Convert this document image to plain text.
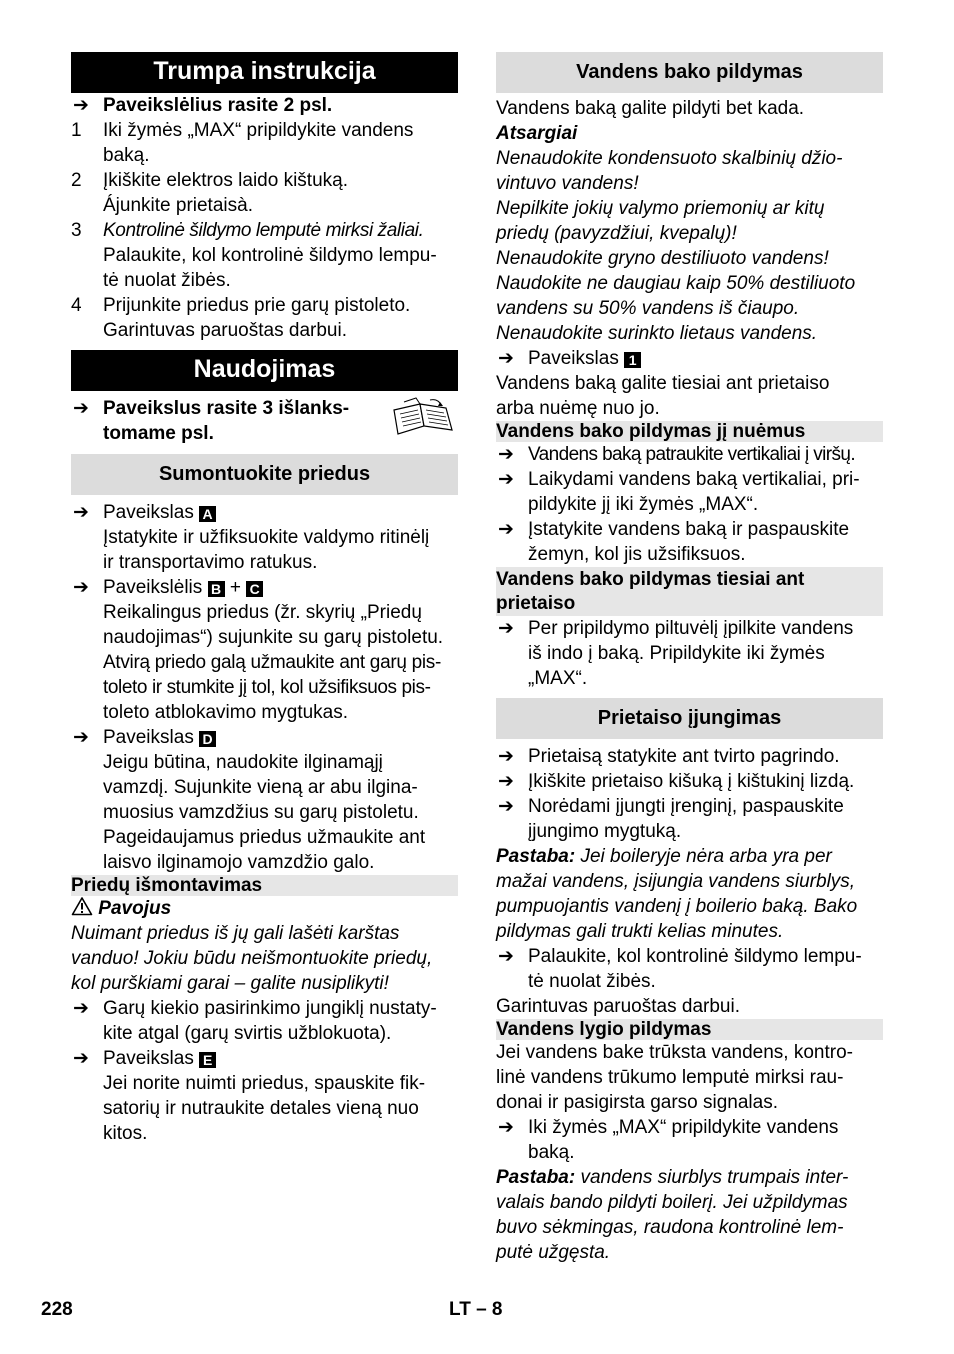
Trumpa instrukcija
➔ Paveikslėlius rasite 2 psl.
1 Iki žymės „MAX“ pripildykite vandens
baką.
2 Įkiškite elektros laido kištuką.
Ájunkite prietaisà.
3 Kontrolinė šildymo lemputė mirksi žaliai.
Palaukite, kol kontrolinė šildymo lempu-
tė nuolat žibės.
4 Prijunkite priedus prie garų pistoleto.
Garintuvas paruoštas darbui.
Naudojimas
➔ Paveikslus rasite 3 išlanks-
tomame psl.
Sumontuokite priedus
➔ Paveikslas A
Įstatykite ir užfiksuokite valdymo ritinėlį
ir transportavimo ratukus.
➔ Paveikslėlis B + C
Reikalingus priedus (žr. skyrių „Priedų
naudojimas“) sujunkite su garų pistoletu.
Atvirą priedo galą užmaukite ant garų pis-
toleto ir stumkite jį tol, kol užsifiksuos pis-
toleto atblokavimo mygtukas.
➔ Paveikslas D
Jeigu būtina, naudokite ilginamąjį
vamzdį. Sujunkite vieną ar abu ilgina-
muosius vamzdžius su garų pistoletu.
Pageidaujamus priedus užmaukite ant
laisvo ilginamojo vamzdžio galo.
Priedų išmontavimas
Pavojus
Nuimant priedus iš jų gali lašėti karštas
vanduo! Jokiu būdu neišmontuokite priedų,
kol purškiami garai – galite nusiplikyti!
➔ Garų kiekio pasirinkimo jungiklį nustaty-
kite atgal (garų svirtis užblokuota).
➔ Paveikslas E
Jei norite nuimti priedus, spauskite fik-
satorių ir nutraukite detales vieną nuo
kitos.
Vandens bako pildymas
Vandens baką galite pildyti bet kada.
Atsargiai
Nenaudokite kondensuoto skalbinių džio-
vintuvo vandens!
Nepilkite jokių valymo priemonių ar kitų
priedų (pavyzdžiui, kvepalų)!
Nenaudokite gryno destiliuoto vandens!
Naudokite ne daugiau kaip 50% destiliuoto
vandens su 50% vandens iš čiaupo.
Nenaudokite surinkto lietaus vandens.
➔ Paveikslas 1
Vandens baką galite tiesiai ant prietaiso
arba nuėmę nuo jo.
Vandens bako pildymas jį nuėmus
➔ Vandens baką patraukite vertikaliai į viršų.
➔ Laikydami vandens baką vertikaliai, pri-
pildykite jį iki žymės „MAX“.
➔ Įstatykite vandens baką ir paspauskite
žemyn, kol jis užsifiksuos.
Vandens bako pildymas tiesiai ant
prietaiso
➔ Per pripildymo piltuvėlį įpilkite vandens
iš indo į baką. Pripildykite iki žymės
„MAX“.
Prietaiso įjungimas
➔ Prietaisą statykite ant tvirto pagrindo.
➔ Įkiškite prietaiso kišuką į kištukinį lizdą.
➔ Norėdami įjungti įrenginį, paspauskite
įjungimo mygtuką.
Pastaba: Jei boileryje nėra arba yra per
mažai vandens, įsijungia vandens siurblys,
pumpuojantis vandenį į boilerio baką. Bako
pildymas gali trukti kelias minutes.
➔ Palaukite, kol kontrolinė šildymo lempu-
tė nuolat žibės.
Garintuvas paruoštas darbui.
Vandens lygio pildymas
Jei vandens bake trūksta vandens, kontro-
linė vandens trūkumo lemputė mirksi rau-
donai ir pasigirsta garso signalas.
➔ Iki žymės „MAX“ pripildykite vandens
baką.
Pastaba: vandens siurblys trumpais inter-
valais bando pildyti boilerį. Jei užpildymas
buvo sėkmingas, raudona kontrolinė lem-
putė užgęsta.
228	LT – 8
